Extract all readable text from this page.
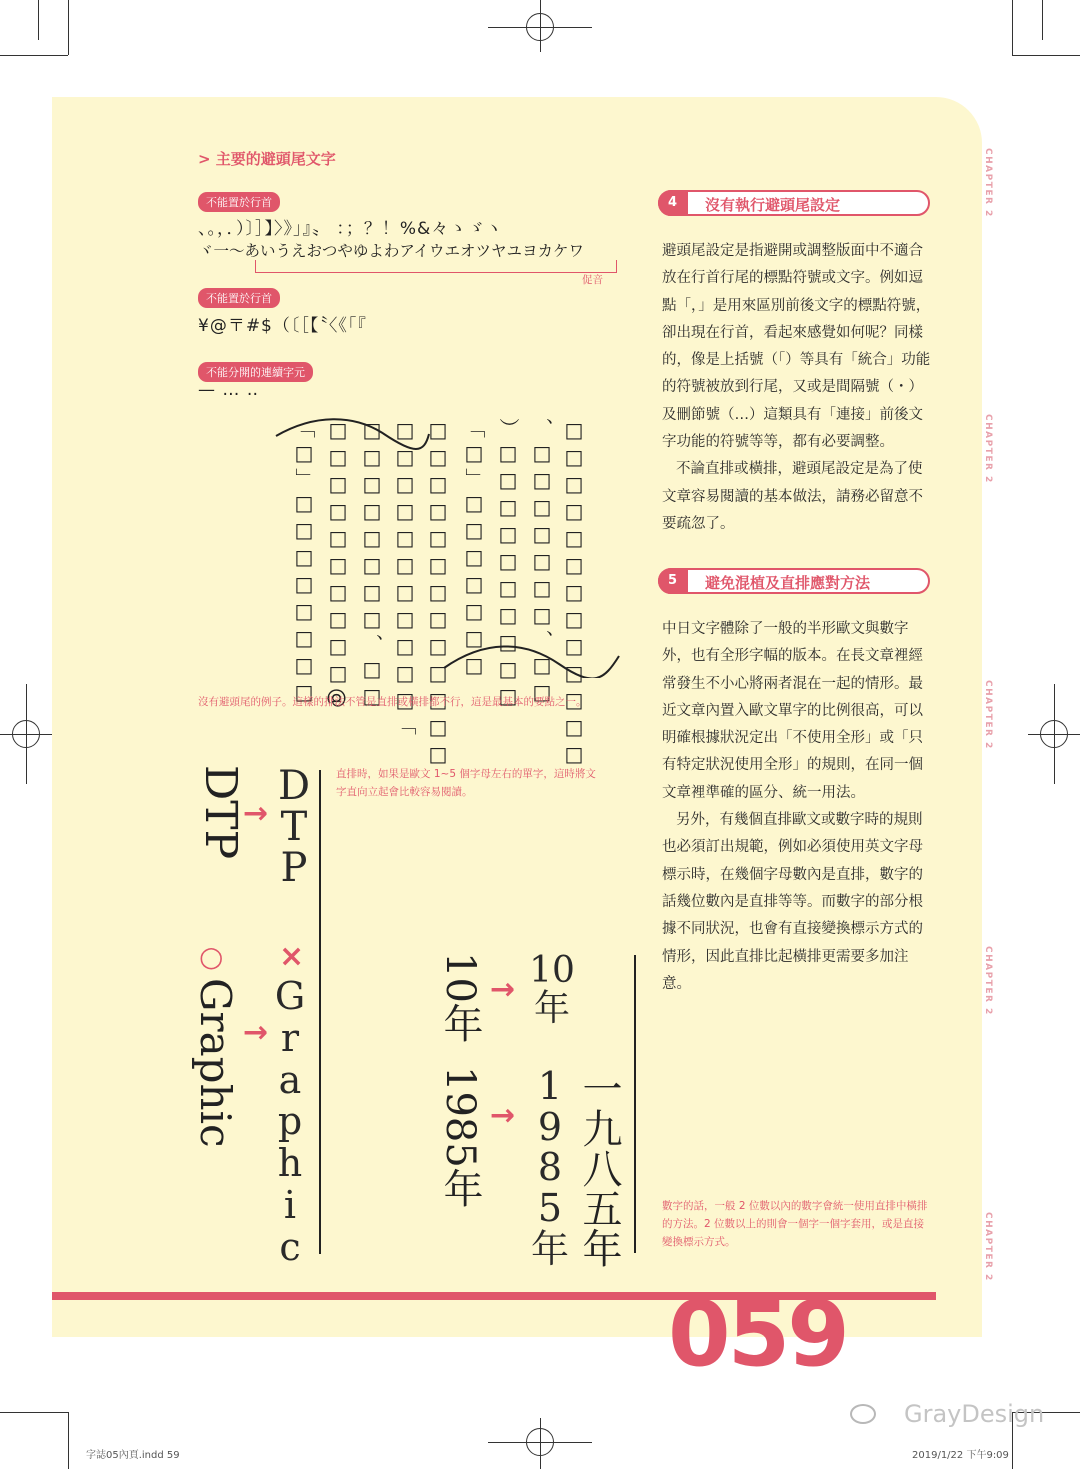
> 主要的避頭尾文字
不能置於行首
、。，．）〕］】〉》」』〟 ：；？！%&々ゝゞヽ
ヾ一～あいうえおつやゆよわアイウエオツヤユヨカケワ
促音
不能置於行首
¥@〒#$（〔［【〝〈《「『
不能分開的連續字元
— … ‥
「□」□□□□□□□□ □□□□□□□□□□@ □□□□□□□□、□□ □□□□□□□□□□□「 □□□□□□□□□□□□□ 「□」□□□□□□□ ）□□□□□□□□□□ 、□□□□□□□、□□ □□□□□□□□□□□□□
沒有避頭尾的例子。這樣的排法不管是直排或橫排都不行，這是最基本的要點之一。
DTP
→
DTP
○
Graphic →
×
Graphic
直排時，如果是歐文 1~5 個字母左右的單字，這時將文字直向立起會比較容易閱讀。
10年
1985年
→
→
10年
1985年 一九八五年
4	沒有執行避頭尾設定

避頭尾設定是指避開或調整版面中不適合放在行首行尾的標點符號或文字。例如逗點「，」是用來區別前後文字的標點符號，卻出現在行首，看起來感覺如何呢？同樣的，像是上括號（「）等具有「統合」功能的符號被放到行尾，又或是間隔號（・）及刪節號（…）這類具有「連接」前後文字功能的符號等等，都有必要調整。

不論直排或橫排，避頭尾設定是為了使文章容易閱讀的基本做法，請務必留意不要疏忽了。

5	避免混植及直排應對方法

中日文字體除了一般的半形歐文與數字外，也有全形字幅的版本。在長文章裡經常發生不小心將兩者混在一起的情形。最近文章內置入歐文單字的比例很高，可以明確根據狀況定出「不使用全形」或「只有特定狀況使用全形」的規則，在同一個文章裡準確的區分、統一用法。

另外，有幾個直排歐文或數字時的規則也必須訂出規範，例如必須使用英文字母標示時，在幾個字母數內是直排，數字的話幾位數內是直排等等。而數字的部分根據不同狀況，也會有直接變換標示方式的情形，因此直排比起橫排更需要多加注意。

數字的話，一般 2 位數以內的數字會統一使用直排中橫排的方法。2 位數以上的則會一個字一個字套用，或是直接變換標示方式。
CHAPTER 2
CHAPTER 2
CHAPTER 2
CHAPTER 2
CHAPTER 2
059
字誌05內頁.indd 59	2019/1/22 下午9:09
GrayDesign
